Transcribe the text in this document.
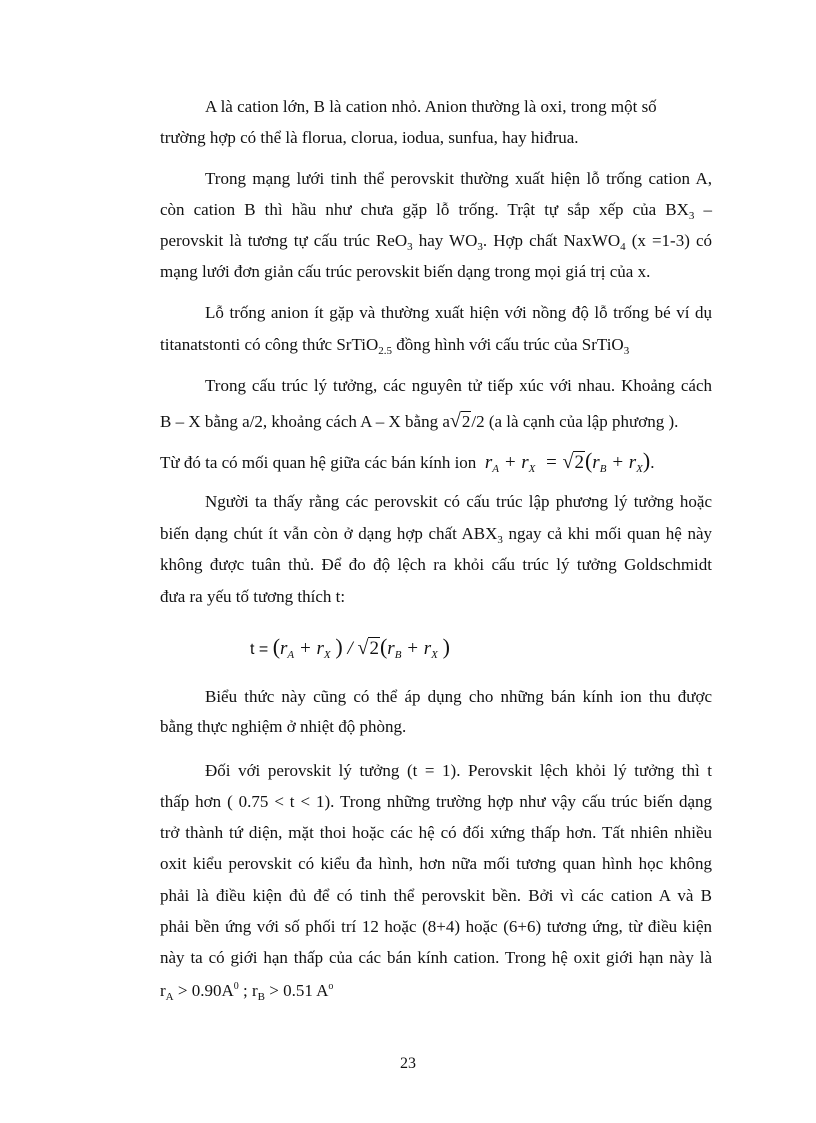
A là cation lớn, B là cation nhỏ. Anion thường là oxi, trong một số
trường hợp có thể là florua, clorua, iodua, sunfua, hay hiđrua.
Trong mạng lưới tinh thể perovskit thường xuất hiện lỗ trống cation A,
còn cation B thì hầu như chưa gặp lỗ trống. Trật tự sắp xếp của $BX_3$ –
perovskit là tương tự cấu trúc ReO$_3$ hay $WO_3$. Hợp chất NaxWO$_4$ (x =1-3) có
mạng lưới đơn giản cấu trúc perovskit biến dạng trong mọi giá trị của x.
Lỗ trống anion ít gặp và thường xuất hiện với nồng độ lỗ trống bé ví dụ
titanatstonti có công thức SrTiO$_{2.5}$ đồng hình với cấu trúc của SrTiO$_3$
Trong cấu trúc lý tưởng, các nguyên tử tiếp xúc với nhau. Khoảng cách
B – X bằng a/2, khoảng cách A – X bằng a√2/2 (a là cạnh của lập phương ).
Từ đó ta có mối quan hệ giữa các bán kính ion $r_A + r_X = √2(r_B + r_X)$.
Người ta thấy rằng các perovskit có cấu trúc lập phương lý tưởng hoặc
biến dạng chút ít vẫn còn ở dạng hợp chất $ABX_3$ ngay cả khi mối quan hệ này
không được tuân thủ. Để đo độ lệch ra khỏi cấu trúc lý tưởng Goldschmidt
đưa ra yếu tố tương thích t:
$t = (r_A + r_X$ ) / $√2(r_B + r_X$ )
Biểu thức này cũng có thể áp dụng cho những bán kính ion thu được
bằng thực nghiệm ở nhiệt độ phòng.
Đối với perovskit lý tưởng (t = 1). Perovskit lệch khỏi lý tưởng thì t
thấp hơn ( 0.75 < t < 1). Trong những trường hợp như vậy cấu trúc biến dạng
trở thành tứ diện, mặt thoi hoặc các hệ có đối xứng thấp hơn. Tất nhiên nhiều
oxit kiểu perovskit có kiểu đa hình, hơn nữa mối tương quan hình học không
phải là điều kiện đủ để có tinh thể perovskit bền. Bởi vì các cation A và B
phải bền ứng với số phối trí 12 hoặc (8+4) hoặc (6+6) tương ứng, từ điều kiện
này ta có giới hạn thấp của các bán kính cation. Trong hệ oxit giới hạn này là
$r_A > 0.90A^0$ ; $r_B > 0.51$ $A^o$
23
